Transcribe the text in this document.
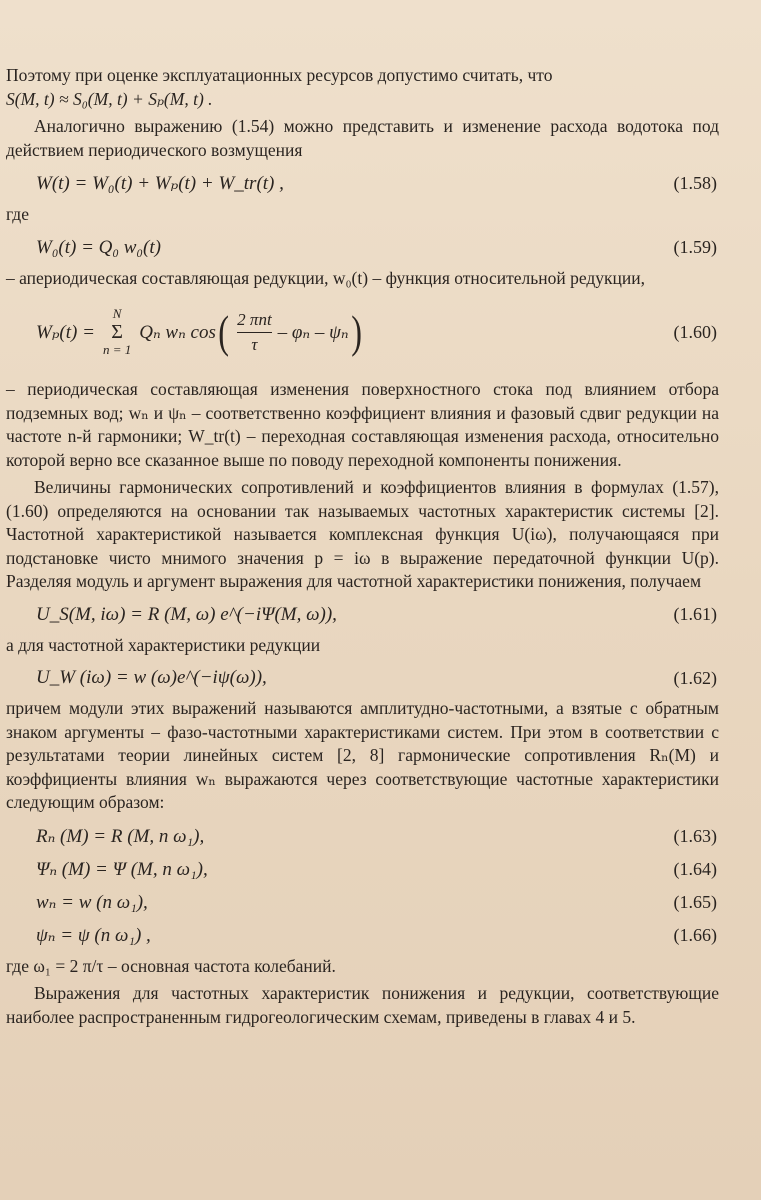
Поэтому при оценке эксплуатационных ресурсов допустимо считать, что

S(M, t) ≈ S₀(M, t) + Sₚ(M, t) .

Аналогично выражению (1.54) можно представить и изменение расхода водотока под действием периодического возмущения

W(t) = W₀(t) + Wₚ(t) + W_tr(t) ,	(1.58)

где

W₀(t) = Q₀ w₀(t)	(1.59)

– апериодическая составляющая редукции, w₀(t) – функция относительной редукции,

Wₚ(t) =
N
Σ
n = 1
Qₙ wₙ cos ( $\frac{\text{2 πnt}}{\tau}$ – φₙ – ψₙ )	(1.60)

– периодическая составляющая изменения поверхностного стока под влиянием отбора подземных вод; wₙ и ψₙ – соответственно коэффициент влияния и фазовый сдвиг редукции на частоте n-й гармоники; W_tr(t) – переходная составляющая изменения расхода, относительно которой верно все сказанное выше по поводу переходной компоненты понижения.

Величины гармонических сопротивлений и коэффициентов влияния в формулах (1.57), (1.60) определяются на основании так называемых частотных характеристик системы [2]. Частотной характеристикой называется комплексная функция U(iω), получающаяся при подстановке чисто мнимого значения p = iω в выражение передаточной функции U(p). Разделяя модуль и аргумент выражения для частотной характеристики понижения, получаем

U_S(M, iω) = R (M, ω) e^(−iΨ(M, ω)),	(1.61)

а для частотной характеристики редукции

U_W (iω) = w (ω)e^(−iψ(ω)),	(1.62)

причем модули этих выражений называются амплитудно-частотными, а взятые с обратным знаком аргументы – фазо-частотными характеристиками систем. При этом в соответствии с результатами теории линейных систем [2, 8] гармонические сопротивления Rₙ(M) и коэффициенты влияния wₙ выражаются через соответствующие частотные характеристики следующим образом:

Rₙ (M) = R (M, n ω₁),	(1.63)
Ψₙ (M) = Ψ (M, n ω₁),	(1.64)
wₙ = w (n ω₁),	(1.65)
ψₙ = ψ (n ω₁) ,	(1.66)

где ω₁ = 2 π/τ – основная частота колебаний.

Выражения для частотных характеристик понижения и редукции, соответствующие наиболее распространенным гидрогеологическим схемам, приведены в главах 4 и 5.
